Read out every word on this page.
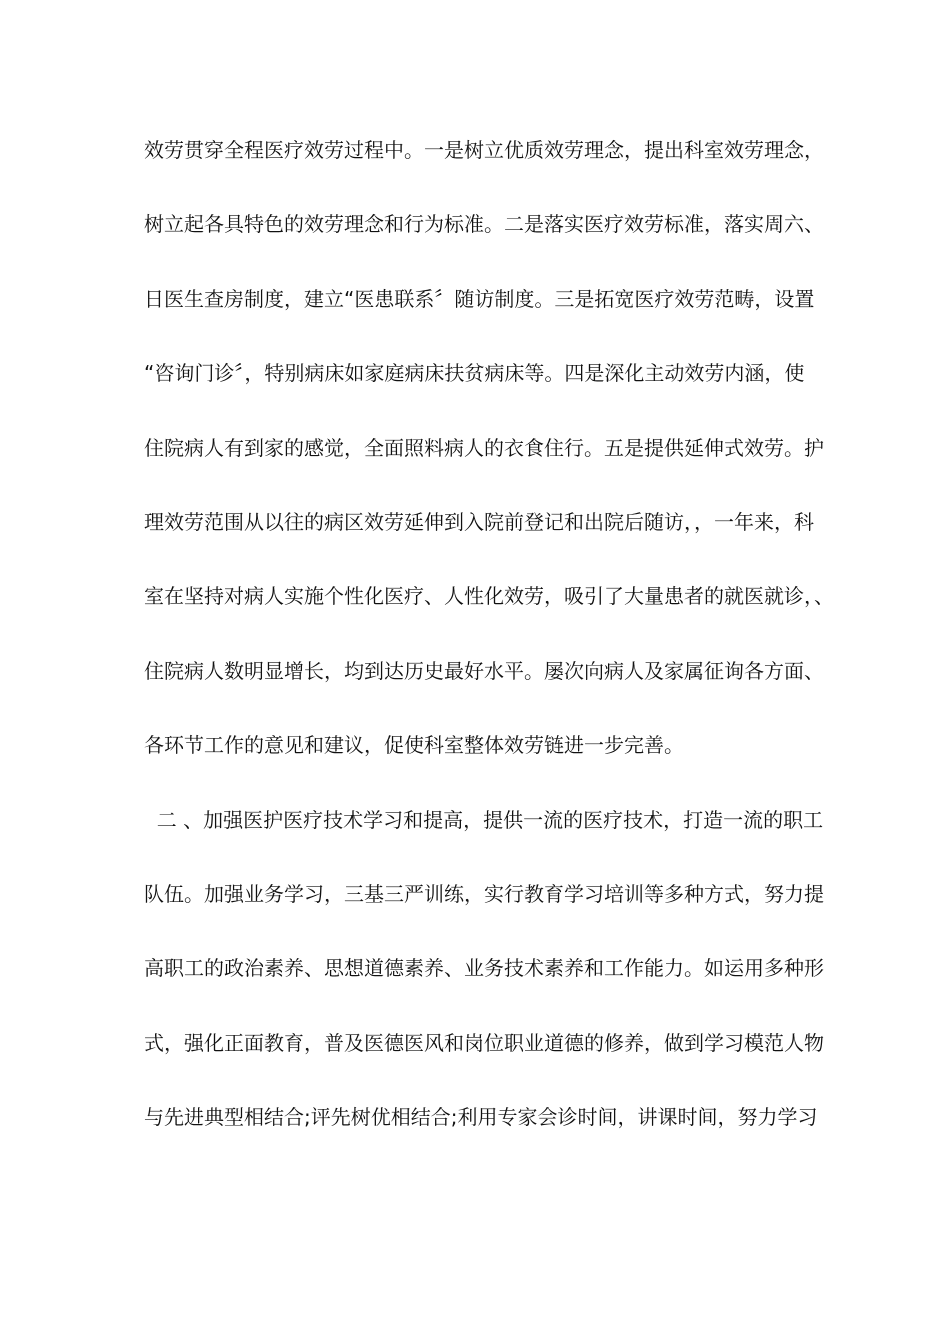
效劳贯穿全程医疗效劳过程中。一是树立优质效劳理念，提出科室效劳理念，
树立起各具特色的效劳理念和行为标准。二是落实医疗效劳标准，落实周六、
日医生查房制度，建立“医患联系〞随访制度。三是拓宽医疗效劳范畴，设置
“咨询门诊〞，特别病床如家庭病床扶贫病床等。四是深化主动效劳内涵，使
住院病人有到家的感觉，全面照料病人的衣食住行。五是提供延伸式效劳。护
理效劳范围从以往的病区效劳延伸到入院前登记和出院后随访，，一年来，科
室在坚持对病人实施个性化医疗、人性化效劳，吸引了大量患者的就医就诊，、
住院病人数明显增长，均到达历史最好水平。屡次向病人及家属征询各方面、
各环节工作的意见和建议，促使科室整体效劳链进一步完善。
二 、加强医护医疗技术学习和提高，提供一流的医疗技术，打造一流的职工
队伍。加强业务学习，三基三严训练，实行教育学习培训等多种方式，努力提
高职工的政治素养、思想道德素养、业务技术素养和工作能力。如运用多种形
式，强化正面教育，普及医德医风和岗位职业道德的修养，做到学习模范人物
与先进典型相结合;评先树优相结合;利用专家会诊时间，讲课时间，努力学习
